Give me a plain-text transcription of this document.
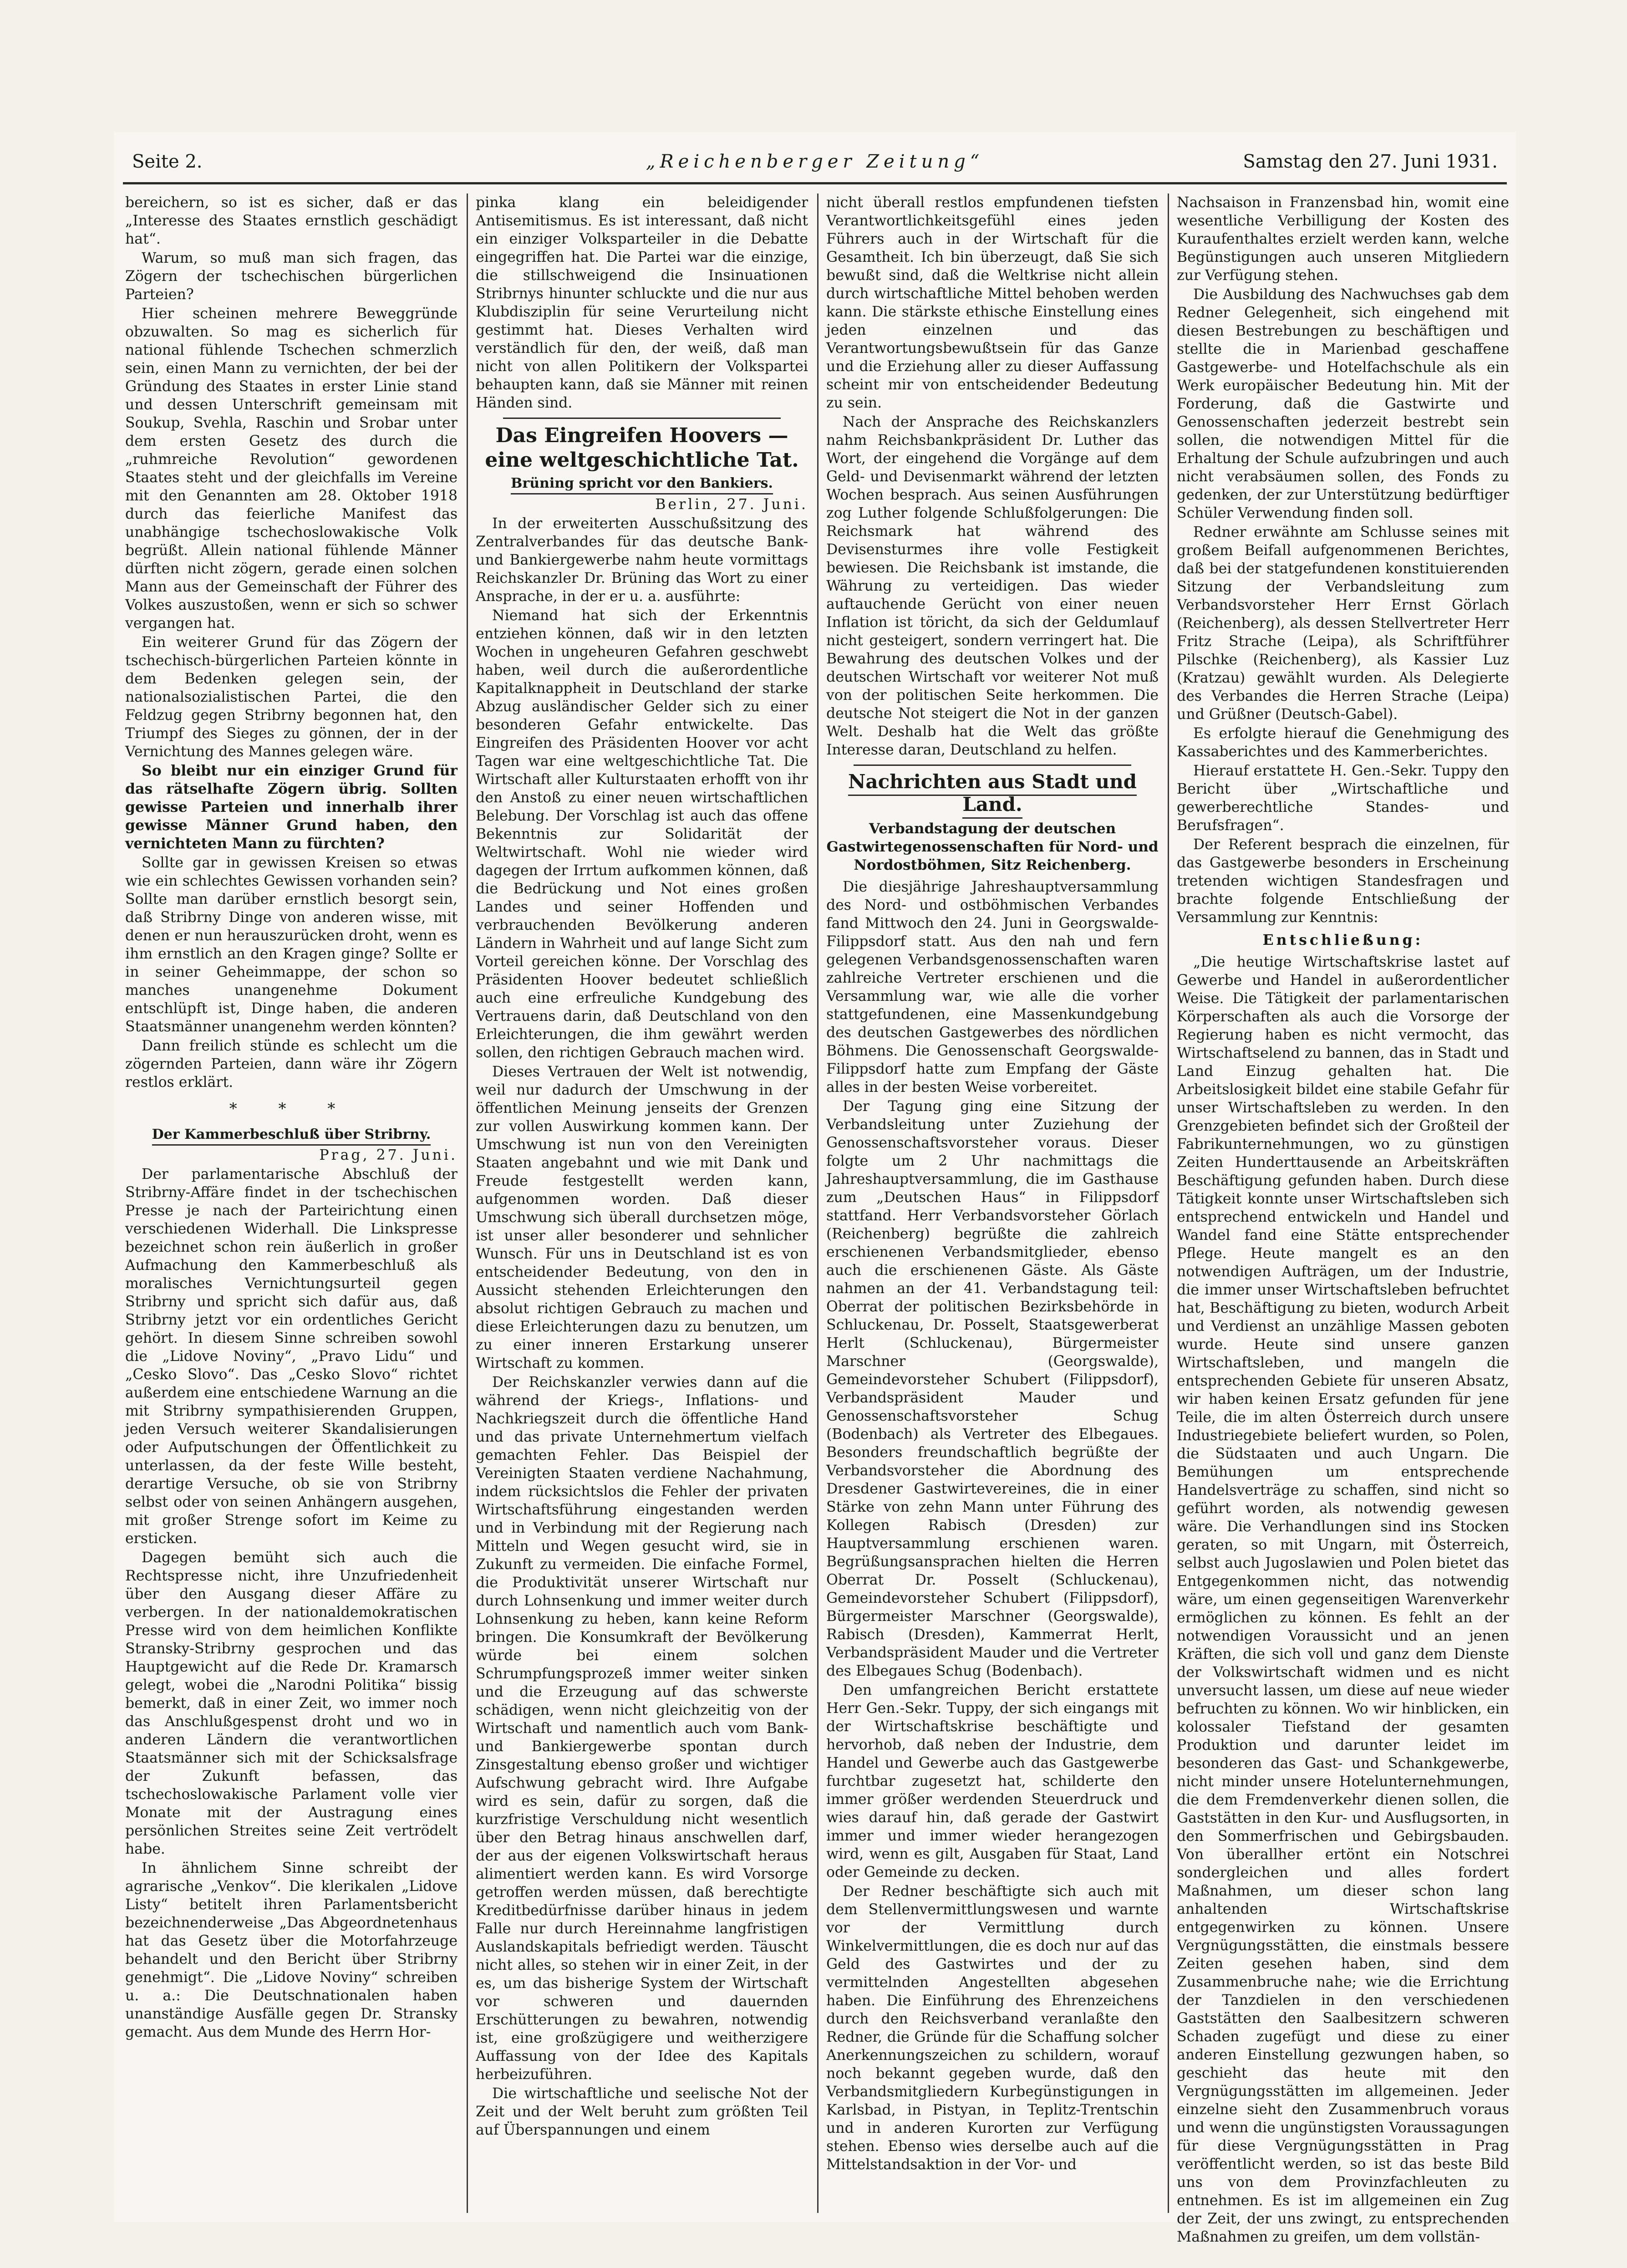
Seite 2.	„Reichenberger Zeitung“	Samstag den 27. Juni 1931.

bereichern, so ist es sicher, daß er das „Interesse des Staates ernstlich geschädigt hat“.

Warum, so muß man sich fragen, das Zögern der tschechischen bürgerlichen Parteien?

Hier scheinen mehrere Beweggründe obzuwalten. So mag es sicherlich für national fühlende Tschechen schmerzlich sein, einen Mann zu vernichten, der bei der Gründung des Staates in erster Linie stand und dessen Unterschrift gemeinsam mit Soukup, Svehla, Raschin und Srobar unter dem ersten Gesetz des durch die „ruhmreiche Revolution“ gewordenen Staates steht und der gleichfalls im Vereine mit den Genannten am 28. Oktober 1918 durch das feierliche Manifest das unabhängige tschechoslowakische Volk begrüßt. Allein national fühlende Männer dürften nicht zögern, gerade einen solchen Mann aus der Gemeinschaft der Führer des Volkes auszustoßen, wenn er sich so schwer vergangen hat.

Ein weiterer Grund für das Zögern der tschechisch-bürgerlichen Parteien könnte in dem Bedenken gelegen sein, der nationalsozialistischen Partei, die den Feldzug gegen Stribrny begonnen hat, den Triumpf des Sieges zu gönnen, der in der Vernichtung des Mannes gelegen wäre.

So bleibt nur ein einziger Grund für das rätselhafte Zögern übrig. Sollten gewisse Parteien und innerhalb ihrer gewisse Männer Grund haben, den vernichteten Mann zu fürchten?

Sollte gar in gewissen Kreisen so etwas wie ein schlechtes Gewissen vorhanden sein? Sollte man darüber ernstlich besorgt sein, daß Stribrny Dinge von anderen wisse, mit denen er nun herauszurücken droht, wenn es ihm ernstlich an den Kragen ginge? Sollte er in seiner Geheimmappe, der schon so manches unangenehme Dokument entschlüpft ist, Dinge haben, die anderen Staatsmänner unangenehm werden könnten?

Dann freilich stünde es schlecht um die zögernden Parteien, dann wäre ihr Zögern restlos erklärt.

* * *
Der Kammerbeschluß über Stribrny.

Prag, 27. Juni.

Der parlamentarische Abschluß der Stribrny-Affäre findet in der tschechischen Presse je nach der Parteirichtung einen verschiedenen Widerhall. Die Linkspresse bezeichnet schon rein äußerlich in großer Aufmachung den Kammerbeschluß als moralisches Vernichtungsurteil gegen Stribrny und spricht sich dafür aus, daß Stribrny jetzt vor ein ordentliches Gericht gehört. In diesem Sinne schreiben sowohl die „Lidove Noviny“, „Pravo Lidu“ und „Cesko Slovo“. Das „Cesko Slovo“ richtet außerdem eine entschiedene Warnung an die mit Stribrny sympathisierenden Gruppen, jeden Versuch weiterer Skandalisierungen oder Aufputschungen der Öffentlichkeit zu unterlassen, da der feste Wille besteht, derartige Versuche, ob sie von Stribrny selbst oder von seinen Anhängern ausgehen, mit großer Strenge sofort im Keime zu ersticken.

Dagegen bemüht sich auch die Rechtspresse nicht, ihre Unzufriedenheit über den Ausgang dieser Affäre zu verbergen. In der nationaldemokratischen Presse wird von dem heimlichen Konflikte Stransky-Stribrny gesprochen und das Hauptgewicht auf die Rede Dr. Kramarsch gelegt, wobei die „Narodni Politika“ bissig bemerkt, daß in einer Zeit, wo immer noch das Anschlußgespenst droht und wo in anderen Ländern die verantwortlichen Staatsmänner sich mit der Schicksalsfrage der Zukunft befassen, das tschechoslowakische Parlament volle vier Monate mit der Austragung eines persönlichen Streites seine Zeit vertrödelt habe.

In ähnlichem Sinne schreibt der agrarische „Venkov“. Die klerikalen „Lidove Listy“ betitelt ihren Parlamentsbericht bezeichnenderweise „Das Abgeordnetenhaus hat das Gesetz über die Motorfahrzeuge behandelt und den Bericht über Stribrny genehmigt“. Die „Lidove Noviny“ schreiben u. a.: Die Deutschnationalen haben unanständige Ausfälle gegen Dr. Stransky gemacht. Aus dem Munde des Herrn Hor-

pinka klang ein beleidigender Antisemitismus. Es ist interessant, daß nicht ein einziger Volksparteiler in die Debatte eingegriffen hat. Die Partei war die einzige, die stillschweigend die Insinuationen Stribrnys hinunter schluckte und die nur aus Klubdisziplin für seine Verurteilung nicht gestimmt hat. Dieses Verhalten wird verständlich für den, der weiß, daß man nicht von allen Politikern der Volkspartei behaupten kann, daß sie Männer mit reinen Händen sind.

Das Eingreifen Hoovers — eine weltgeschichtliche Tat.
Brüning spricht vor den Bankiers.

Berlin, 27. Juni.

In der erweiterten Ausschußsitzung des Zentralverbandes für das deutsche Bank- und Bankiergewerbe nahm heute vormittags Reichskanzler Dr. Brüning das Wort zu einer Ansprache, in der er u. a. ausführte:

Niemand hat sich der Erkenntnis entziehen können, daß wir in den letzten Wochen in ungeheuren Gefahren geschwebt haben, weil durch die außerordentliche Kapitalknappheit in Deutschland der starke Abzug ausländischer Gelder sich zu einer besonderen Gefahr entwickelte. Das Eingreifen des Präsidenten Hoover vor acht Tagen war eine weltgeschichtliche Tat. Die Wirtschaft aller Kulturstaaten erhofft von ihr den Anstoß zu einer neuen wirtschaftlichen Belebung. Der Vorschlag ist auch das offene Bekenntnis zur Solidarität der Weltwirtschaft. Wohl nie wieder wird dagegen der Irrtum aufkommen können, daß die Bedrückung und Not eines großen Landes und seiner Hoffenden und verbrauchenden Bevölkerung anderen Ländern in Wahrheit und auf lange Sicht zum Vorteil gereichen könne. Der Vorschlag des Präsidenten Hoover bedeutet schließlich auch eine erfreuliche Kundgebung des Vertrauens darin, daß Deutschland von den Erleichterungen, die ihm gewährt werden sollen, den richtigen Gebrauch machen wird.

Dieses Vertrauen der Welt ist notwendig, weil nur dadurch der Umschwung in der öffentlichen Meinung jenseits der Grenzen zur vollen Auswirkung kommen kann. Der Umschwung ist nun von den Vereinigten Staaten angebahnt und wie mit Dank und Freude festgestellt werden kann, aufgenommen worden. Daß dieser Umschwung sich überall durchsetzen möge, ist unser aller besonderer und sehnlicher Wunsch. Für uns in Deutschland ist es von entscheidender Bedeutung, von den in Aussicht stehenden Erleichterungen den absolut richtigen Gebrauch zu machen und diese Erleichterungen dazu zu benutzen, um zu einer inneren Erstarkung unserer Wirtschaft zu kommen.

Der Reichskanzler verwies dann auf die während der Kriegs-, Inflations- und Nachkriegszeit durch die öffentliche Hand und das private Unternehmertum vielfach gemachten Fehler. Das Beispiel der Vereinigten Staaten verdiene Nachahmung, indem rücksichtslos die Fehler der privaten Wirtschaftsführung eingestanden werden und in Verbindung mit der Regierung nach Mitteln und Wegen gesucht wird, sie in Zukunft zu vermeiden. Die einfache Formel, die Produktivität unserer Wirtschaft nur durch Lohnsenkung und immer weiter durch Lohnsenkung zu heben, kann keine Reform bringen. Die Konsumkraft der Bevölkerung würde bei einem solchen Schrumpfungsprozeß immer weiter sinken und die Erzeugung auf das schwerste schädigen, wenn nicht gleichzeitig von der Wirtschaft und namentlich auch vom Bank- und Bankiergewerbe spontan durch Zinsgestaltung ebenso großer und wichtiger Aufschwung gebracht wird. Ihre Aufgabe wird es sein, dafür zu sorgen, daß die kurzfristige Verschuldung nicht wesentlich über den Betrag hinaus anschwellen darf, der aus der eigenen Volkswirtschaft heraus alimentiert werden kann. Es wird Vorsorge getroffen werden müssen, daß berechtigte Kreditbedürfnisse darüber hinaus in jedem Falle nur durch Hereinnahme langfristigen Auslandskapitals befriedigt werden. Täuscht nicht alles, so stehen wir in einer Zeit, in der es, um das bisherige System der Wirtschaft vor schweren und dauernden Erschütterungen zu bewahren, notwendig ist, eine großzügigere und weitherzigere Auffassung von der Idee des Kapitals herbeizuführen.

Die wirtschaftliche und seelische Not der Zeit und der Welt beruht zum größten Teil auf Überspannungen und einem

nicht überall restlos empfundenen tiefsten Verantwortlichkeitsgefühl eines jeden Führers auch in der Wirtschaft für die Gesamtheit. Ich bin überzeugt, daß Sie sich bewußt sind, daß die Weltkrise nicht allein durch wirtschaftliche Mittel behoben werden kann. Die stärkste ethische Einstellung eines jeden einzelnen und das Verantwortungsbewußtsein für das Ganze und die Erziehung aller zu dieser Auffassung scheint mir von entscheidender Bedeutung zu sein.

Nach der Ansprache des Reichskanzlers nahm Reichsbankpräsident Dr. Luther das Wort, der eingehend die Vorgänge auf dem Geld- und Devisenmarkt während der letzten Wochen besprach. Aus seinen Ausführungen zog Luther folgende Schlußfolgerungen: Die Reichsmark hat während des Devisensturmes ihre volle Festigkeit bewiesen. Die Reichsbank ist imstande, die Währung zu verteidigen. Das wieder auftauchende Gerücht von einer neuen Inflation ist töricht, da sich der Geldumlauf nicht gesteigert, sondern verringert hat. Die Bewahrung des deutschen Volkes und der deutschen Wirtschaft vor weiterer Not muß von der politischen Seite herkommen. Die deutsche Not steigert die Not in der ganzen Welt. Deshalb hat die Welt das größte Interesse daran, Deutschland zu helfen.

Nachrichten aus Stadt und Land.
Verbandstagung der deutschen Gastwirtegenossenschaften für Nord- und Nordostböhmen, Sitz Reichenberg.

Die diesjährige Jahreshauptversammlung des Nord- und ostböhmischen Verbandes fand Mittwoch den 24. Juni in Georgswalde-Filippsdorf statt. Aus den nah und fern gelegenen Verbandsgenossenschaften waren zahlreiche Vertreter erschienen und die Versammlung war, wie alle die vorher stattgefundenen, eine Massenkundgebung des deutschen Gastgewerbes des nördlichen Böhmens. Die Genossenschaft Georgswalde-Filippsdorf hatte zum Empfang der Gäste alles in der besten Weise vorbereitet.

Der Tagung ging eine Sitzung der Verbandsleitung unter Zuziehung der Genossenschaftsvorsteher voraus. Dieser folgte um 2 Uhr nachmittags die Jahreshauptversammlung, die im Gasthause zum „Deutschen Haus“ in Filippsdorf stattfand. Herr Verbandsvorsteher Görlach (Reichenberg) begrüßte die zahlreich erschienenen Verbandsmitglieder, ebenso auch die erschienenen Gäste. Als Gäste nahmen an der 41. Verbandstagung teil: Oberrat der politischen Bezirksbehörde in Schluckenau, Dr. Posselt, Staatsgewerberat Herlt (Schluckenau), Bürgermeister Marschner (Georgswalde), Gemeindevorsteher Schubert (Filippsdorf), Verbandspräsident Mauder und Genossenschaftsvorsteher Schug (Bodenbach) als Vertreter des Elbegaues. Besonders freundschaftlich begrüßte der Verbandsvorsteher die Abordnung des Dresdener Gastwirtevereines, die in einer Stärke von zehn Mann unter Führung des Kollegen Rabisch (Dresden) zur Hauptversammlung erschienen waren. Begrüßungsansprachen hielten die Herren Oberrat Dr. Posselt (Schluckenau), Gemeindevorsteher Schubert (Filippsdorf), Bürgermeister Marschner (Georgswalde), Rabisch (Dresden), Kammerrat Herlt, Verbandspräsident Mauder und die Vertreter des Elbegaues Schug (Bodenbach).

Den umfangreichen Bericht erstattete Herr Gen.-Sekr. Tuppy, der sich eingangs mit der Wirtschaftskrise beschäftigte und hervorhob, daß neben der Industrie, dem Handel und Gewerbe auch das Gastgewerbe furchtbar zugesetzt hat, schilderte den immer größer werdenden Steuerdruck und wies darauf hin, daß gerade der Gastwirt immer und immer wieder herangezogen wird, wenn es gilt, Ausgaben für Staat, Land oder Gemeinde zu decken.

Der Redner beschäftigte sich auch mit dem Stellenvermittlungswesen und warnte vor der Vermittlung durch Winkelvermittlungen, die es doch nur auf das Geld des Gastwirtes und der zu vermittelnden Angestellten abgesehen haben. Die Einführung des Ehrenzeichens durch den Reichsverband veranlaßte den Redner, die Gründe für die Schaffung solcher Anerkennungszeichen zu schildern, worauf noch bekannt gegeben wurde, daß den Verbandsmitgliedern Kurbegünstigungen in Karlsbad, in Pistyan, in Teplitz-Trentschin und in anderen Kurorten zur Verfügung stehen. Ebenso wies derselbe auch auf die Mittelstandsaktion in der Vor- und

Nachsaison in Franzensbad hin, womit eine wesentliche Verbilligung der Kosten des Kuraufenthaltes erzielt werden kann, welche Begünstigungen auch unseren Mitgliedern zur Verfügung stehen.

Die Ausbildung des Nachwuchses gab dem Redner Gelegenheit, sich eingehend mit diesen Bestrebungen zu beschäftigen und stellte die in Marienbad geschaffene Gastgewerbe- und Hotelfachschule als ein Werk europäischer Bedeutung hin. Mit der Forderung, daß die Gastwirte und Genossenschaften jederzeit bestrebt sein sollen, die notwendigen Mittel für die Erhaltung der Schule aufzubringen und auch nicht verabsäumen sollen, des Fonds zu gedenken, der zur Unterstützung bedürftiger Schüler Verwendung finden soll.

Redner erwähnte am Schlusse seines mit großem Beifall aufgenommenen Berichtes, daß bei der statgefundenen konstituierenden Sitzung der Verbandsleitung zum Verbandsvorsteher Herr Ernst Görlach (Reichenberg), als dessen Stellvertreter Herr Fritz Strache (Leipa), als Schriftführer Pilschke (Reichenberg), als Kassier Luz (Kratzau) gewählt wurden. Als Delegierte des Verbandes die Herren Strache (Leipa) und Grüßner (Deutsch-Gabel).

Es erfolgte hierauf die Genehmigung des Kassaberichtes und des Kammerberichtes.

Hierauf erstattete H. Gen.-Sekr. Tuppy den Bericht über „Wirtschaftliche und gewerberechtliche Standes- und Berufsfragen“.

Der Referent besprach die einzelnen, für das Gastgewerbe besonders in Erscheinung tretenden wichtigen Standesfragen und brachte folgende Entschließung der Versammlung zur Kenntnis:

Entschließung:

„Die heutige Wirtschaftskrise lastet auf Gewerbe und Handel in außerordentlicher Weise. Die Tätigkeit der parlamentarischen Körperschaften als auch die Vorsorge der Regierung haben es nicht vermocht, das Wirtschaftselend zu bannen, das in Stadt und Land Einzug gehalten hat. Die Arbeitslosigkeit bildet eine stabile Gefahr für unser Wirtschaftsleben zu werden. In den Grenzgebieten befindet sich der Großteil der Fabrikunternehmungen, wo zu günstigen Zeiten Hunderttausende an Arbeitskräften Beschäftigung gefunden haben. Durch diese Tätigkeit konnte unser Wirtschaftsleben sich entsprechend entwickeln und Handel und Wandel fand eine Stätte entsprechender Pflege. Heute mangelt es an den notwendigen Aufträgen, um der Industrie, die immer unser Wirtschaftsleben befruchtet hat, Beschäftigung zu bieten, wodurch Arbeit und Verdienst an unzählige Massen geboten wurde. Heute sind unsere ganzen Wirtschaftsleben, und mangeln die entsprechenden Gebiete für unseren Absatz, wir haben keinen Ersatz gefunden für jene Teile, die im alten Österreich durch unsere Industriegebiete beliefert wurden, so Polen, die Südstaaten und auch Ungarn. Die Bemühungen um entsprechende Handelsverträge zu schaffen, sind nicht so geführt worden, als notwendig gewesen wäre. Die Verhandlungen sind ins Stocken geraten, so mit Ungarn, mit Österreich, selbst auch Jugoslawien und Polen bietet das Entgegenkommen nicht, das notwendig wäre, um einen gegenseitigen Warenverkehr ermöglichen zu können. Es fehlt an der notwendigen Voraussicht und an jenen Kräften, die sich voll und ganz dem Dienste der Volkswirtschaft widmen und es nicht unversucht lassen, um diese auf neue wieder befruchten zu können. Wo wir hinblicken, ein kolossaler Tiefstand der gesamten Produktion und darunter leidet im besonderen das Gast- und Schankgewerbe, nicht minder unsere Hotelunternehmungen, die dem Fremdenverkehr dienen sollen, die Gaststätten in den Kur- und Ausflugsorten, in den Sommerfrischen und Gebirgsbauden. Von überallher ertönt ein Notschrei sondergleichen und alles fordert Maßnahmen, um dieser schon lang anhaltenden Wirtschaftskrise entgegenwirken zu können. Unsere Vergnügungsstätten, die einstmals bessere Zeiten gesehen haben, sind dem Zusammenbruche nahe; wie die Errichtung der Tanzdielen in den verschiedenen Gaststätten den Saalbesitzern schweren Schaden zugefügt und diese zu einer anderen Einstellung gezwungen haben, so geschieht das heute mit den Vergnügungsstätten im allgemeinen. Jeder einzelne sieht den Zusammenbruch voraus und wenn die ungünstigsten Voraussagungen für diese Vergnügungsstätten in Prag veröffentlicht werden, so ist das beste Bild uns von dem Provinzfachleuten zu entnehmen. Es ist im allgemeinen ein Zug der Zeit, der uns zwingt, zu entsprechenden Maßnahmen zu greifen, um dem vollstän-
